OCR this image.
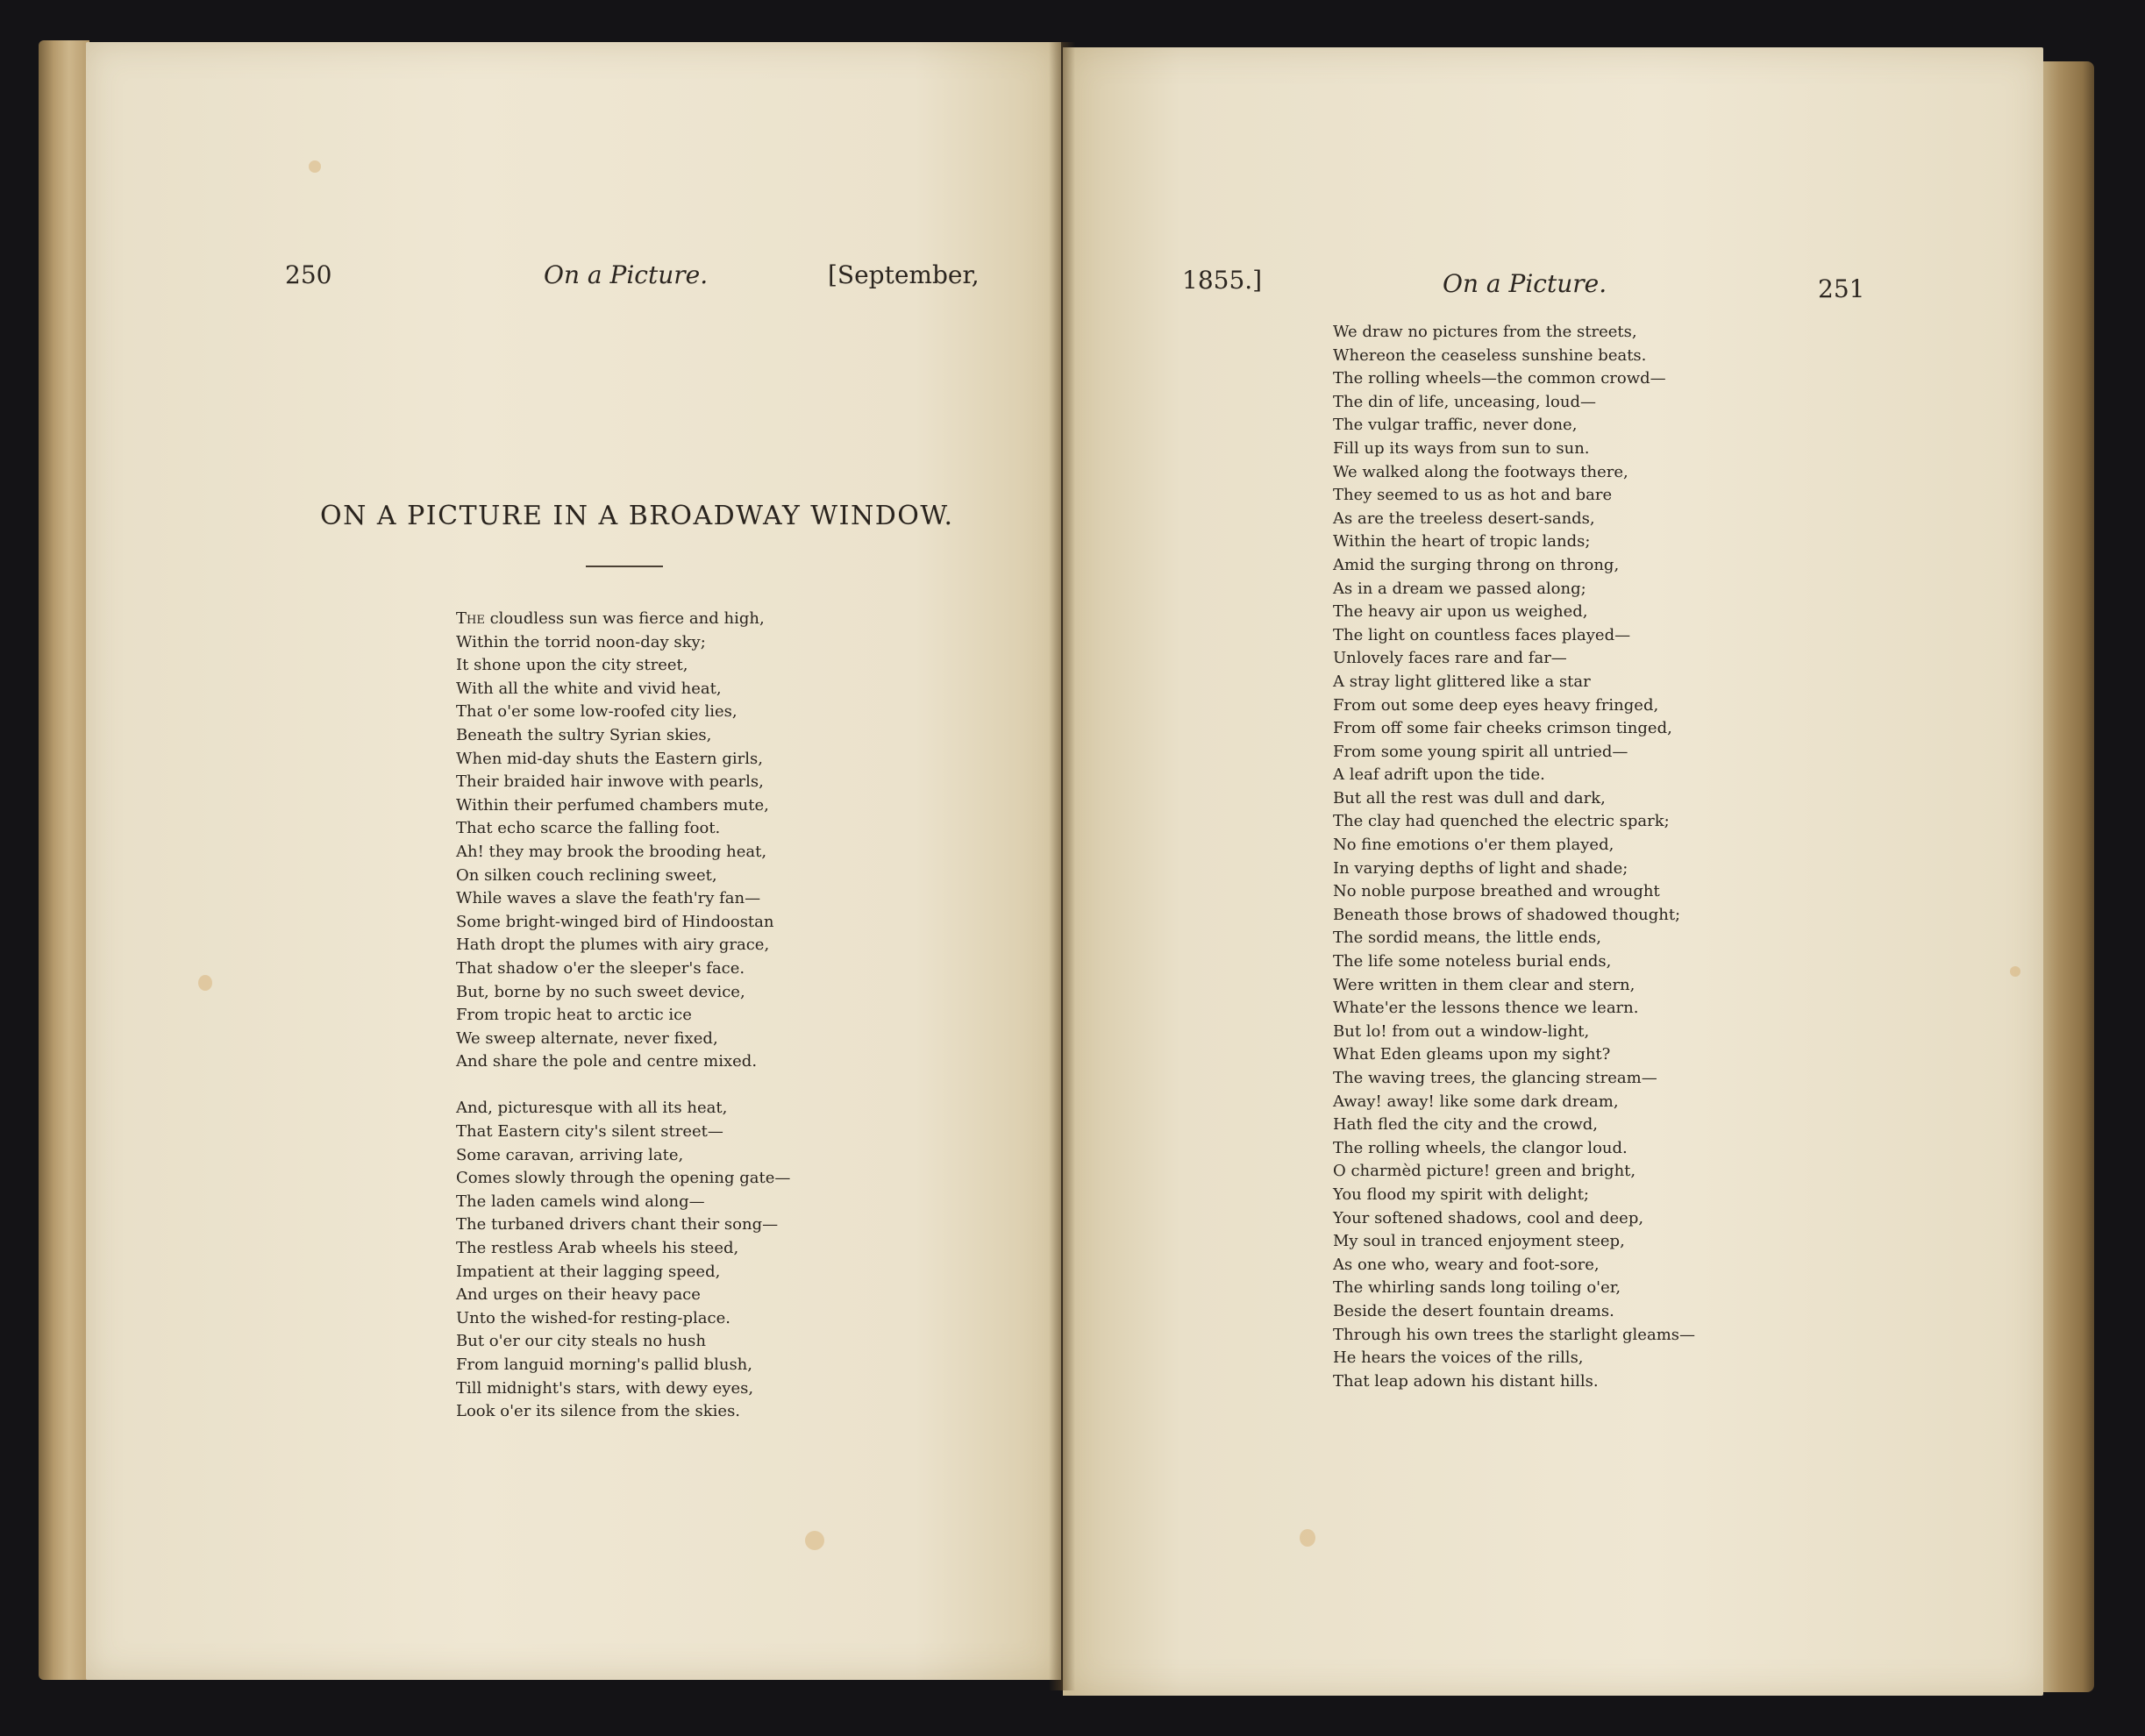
250	On a Picture.	[September,
ON A PICTURE IN A BROADWAY WINDOW.
The cloudless sun was fierce and high,
Within the torrid noon-day sky;
It shone upon the city street,
With all the white and vivid heat,
That o'er some low-roofed city lies,
Beneath the sultry Syrian skies,
When mid-day shuts the Eastern girls,
Their braided hair inwove with pearls,
Within their perfumed chambers mute,
That echo scarce the falling foot.
Ah! they may brook the brooding heat,
On silken couch reclining sweet,
While waves a slave the feath'ry fan—
Some bright-winged bird of Hindoostan
Hath dropt the plumes with airy grace,
That shadow o'er the sleeper's face.
But, borne by no such sweet device,
From tropic heat to arctic ice
We sweep alternate, never fixed,
And share the pole and centre mixed.
And, picturesque with all its heat,
That Eastern city's silent street—
Some caravan, arriving late,
Comes slowly through the opening gate—
The laden camels wind along—
The turbaned drivers chant their song—
The restless Arab wheels his steed,
Impatient at their lagging speed,
And urges on their heavy pace
Unto the wished-for resting-place.
But o'er our city steals no hush
From languid morning's pallid blush,
Till midnight's stars, with dewy eyes,
Look o'er its silence from the skies.
1855.]	On a Picture.	251
We draw no pictures from the streets,
Whereon the ceaseless sunshine beats.
The rolling wheels—the common crowd—
The din of life, unceasing, loud—
The vulgar traffic, never done,
Fill up its ways from sun to sun.
We walked along the footways there,
They seemed to us as hot and bare
As are the treeless desert-sands,
Within the heart of tropic lands;
Amid the surging throng on throng,
As in a dream we passed along;
The heavy air upon us weighed,
The light on countless faces played—
Unlovely faces rare and far—
A stray light glittered like a star
From out some deep eyes heavy fringed,
From off some fair cheeks crimson tinged,
From some young spirit all untried—
A leaf adrift upon the tide.
But all the rest was dull and dark,
The clay had quenched the electric spark;
No fine emotions o'er them played,
In varying depths of light and shade;
No noble purpose breathed and wrought
Beneath those brows of shadowed thought;
The sordid means, the little ends,
The life some noteless burial ends,
Were written in them clear and stern,
Whate'er the lessons thence we learn.
But lo! from out a window-light,
What Eden gleams upon my sight?
The waving trees, the glancing stream—
Away! away! like some dark dream,
Hath fled the city and the crowd,
The rolling wheels, the clangor loud.
O charmèd picture! green and bright,
You flood my spirit with delight;
Your softened shadows, cool and deep,
My soul in tranced enjoyment steep,
As one who, weary and foot-sore,
The whirling sands long toiling o'er,
Beside the desert fountain dreams.
Through his own trees the starlight gleams—
He hears the voices of the rills,
That leap adown his distant hills.
